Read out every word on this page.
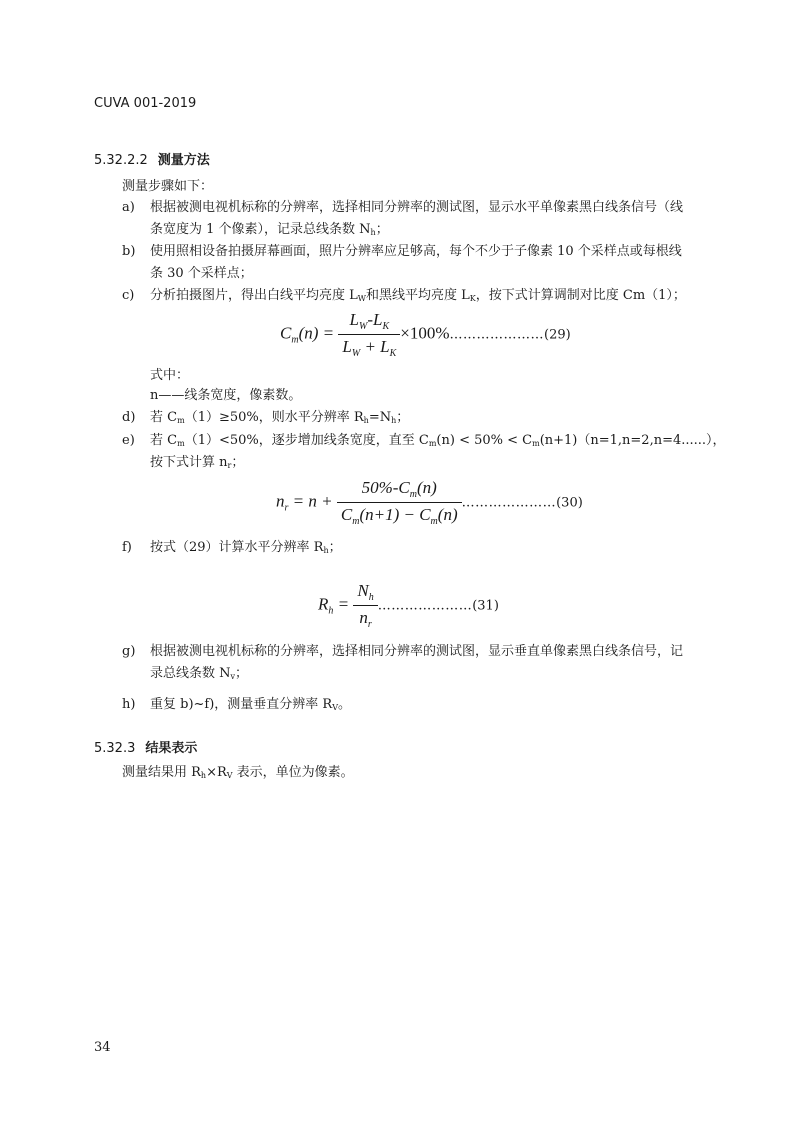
CUVA 001-2019
5.32.2.2 测量方法
测量步骤如下：
a) 根据被测电视机标称的分辨率，选择相同分辨率的测试图，显示水平单像素黑白线条信号（线
条宽度为 1 个像素），记录总线条数 $N_h$；
b) 使用照相设备拍摄屏幕画面，照片分辨率应足够高，每个不少于子像素 10 个采样点或每根线
条 30 个采样点；
c) 分析拍摄图片，得出白线平均亮度 $L_W$和黑线平均亮度 $L_K$，按下式计算调制对比度 Cm（1）；
$C_m(n) = \frac{L_W-L_K}{L_W + L_K}$ ×100%…………………(29)
式中：
n——线条宽度，像素数。
d) 若 $C_m(1)\ge 50\%$，则水平分辨率 $R_h=N_h$；
e) 若 $C_m(1)<50\%$，逐步增加线条宽度，直至 $C_m(n) < 50\% < C_m(n+1)(n=1,n=2,n=4......)$，
按下式计算 $n_r$；
$n_r = n + \frac{50\%-C_m(n)}{C_m(n+1) - C_m(n)}$ …………………(30)
f) 按式（29）计算水平分辨率 $R_h$；
$R_h = \frac{N_h}{n_r}$ …………………(31)
g) 根据被测电视机标称的分辨率，选择相同分辨率的测试图，显示垂直单像素黑白线条信号，记
录总线条数 $N_v$；
h) 重复 b)~f)，测量垂直分辨率 $R_V$。
5.32.3 结果表示
测量结果用 $R_h\times R_V$ 表示，单位为像素。
34
